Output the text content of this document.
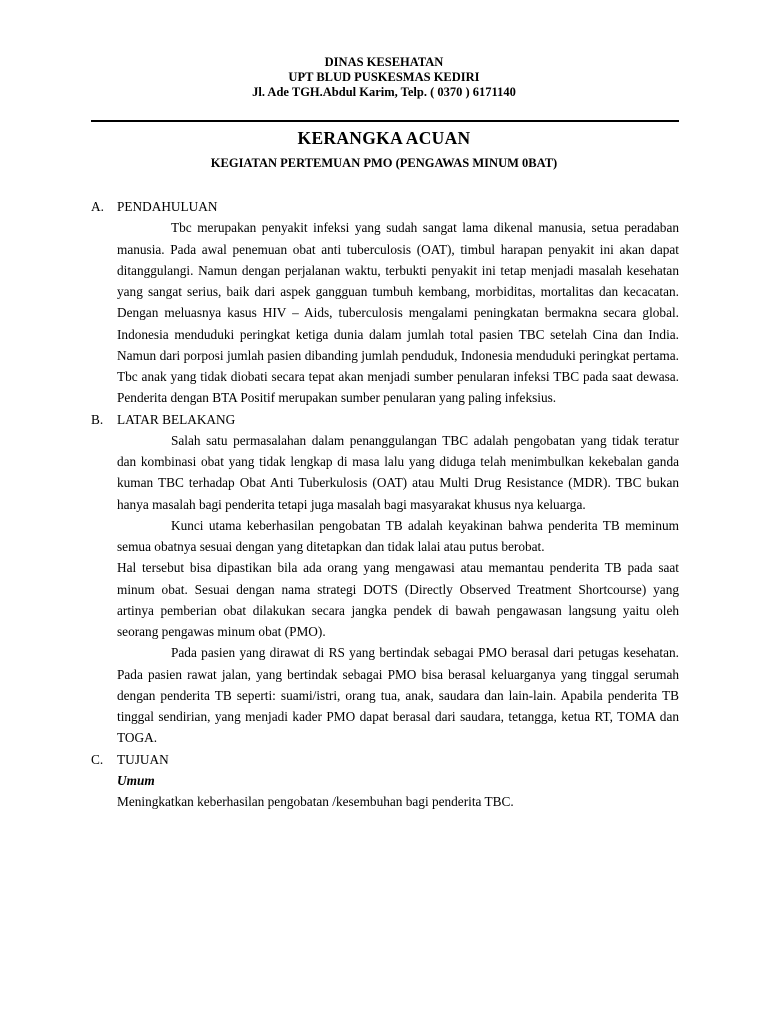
DINAS KESEHATAN
UPT BLUD PUSKESMAS KEDIRI
Jl. Ade TGH.Abdul Karim, Telp. ( 0370 ) 6171140
KERANGKA ACUAN
KEGIATAN PERTEMUAN PMO (PENGAWAS MINUM 0BAT)
A. PENDAHULUAN

Tbc merupakan penyakit infeksi yang sudah sangat lama dikenal manusia, setua peradaban manusia. Pada awal penemuan obat anti tuberculosis (OAT), timbul harapan penyakit ini akan dapat ditanggulangi. Namun dengan perjalanan waktu, terbukti penyakit ini tetap menjadi masalah kesehatan yang sangat serius, baik dari aspek gangguan tumbuh kembang, morbiditas, mortalitas dan kecacatan. Dengan meluasnya kasus HIV – Aids, tuberculosis mengalami peningkatan bermakna secara global. Indonesia menduduki peringkat ketiga dunia dalam jumlah total pasien TBC setelah Cina dan India. Namun dari porposi jumlah pasien dibanding jumlah penduduk, Indonesia menduduki peringkat pertama. Tbc anak yang tidak diobati secara tepat akan menjadi sumber penularan infeksi TBC pada saat dewasa. Penderita dengan BTA Positif merupakan sumber penularan yang paling infeksius.

B.	LATAR BELAKANG

Salah satu permasalahan dalam penanggulangan TBC adalah pengobatan yang tidak teratur dan kombinasi obat yang tidak lengkap di masa lalu yang diduga telah menimbulkan kekebalan ganda kuman TBC terhadap Obat Anti Tuberkulosis (OAT) atau Multi Drug Resistance (MDR). TBC bukan hanya masalah bagi penderita tetapi juga masalah bagi masyarakat khusus nya keluarga.

Kunci utama keberhasilan pengobatan TB adalah keyakinan bahwa penderita TB meminum semua obatnya sesuai dengan yang ditetapkan dan tidak lalai atau putus berobat.

Hal tersebut bisa dipastikan bila ada orang yang mengawasi atau memantau penderita TB pada saat minum obat. Sesuai dengan nama strategi DOTS (Directly Observed Treatment Shortcourse) yang artinya pemberian obat dilakukan secara jangka pendek di bawah pengawasan langsung yaitu oleh seorang pengawas minum obat (PMO).

Pada pasien yang dirawat di RS yang bertindak sebagai PMO berasal dari petugas kesehatan. Pada pasien rawat jalan, yang bertindak sebagai PMO bisa berasal keluarganya yang tinggal serumah dengan penderita TB seperti: suami/istri, orang tua, anak, saudara dan lain-lain. Apabila penderita TB tinggal sendirian, yang menjadi kader PMO dapat berasal dari saudara, tetangga, ketua RT, TOMA dan TOGA.

C.	TUJUAN
Umum
Meningkatkan keberhasilan pengobatan /kesembuhan bagi penderita TBC.
